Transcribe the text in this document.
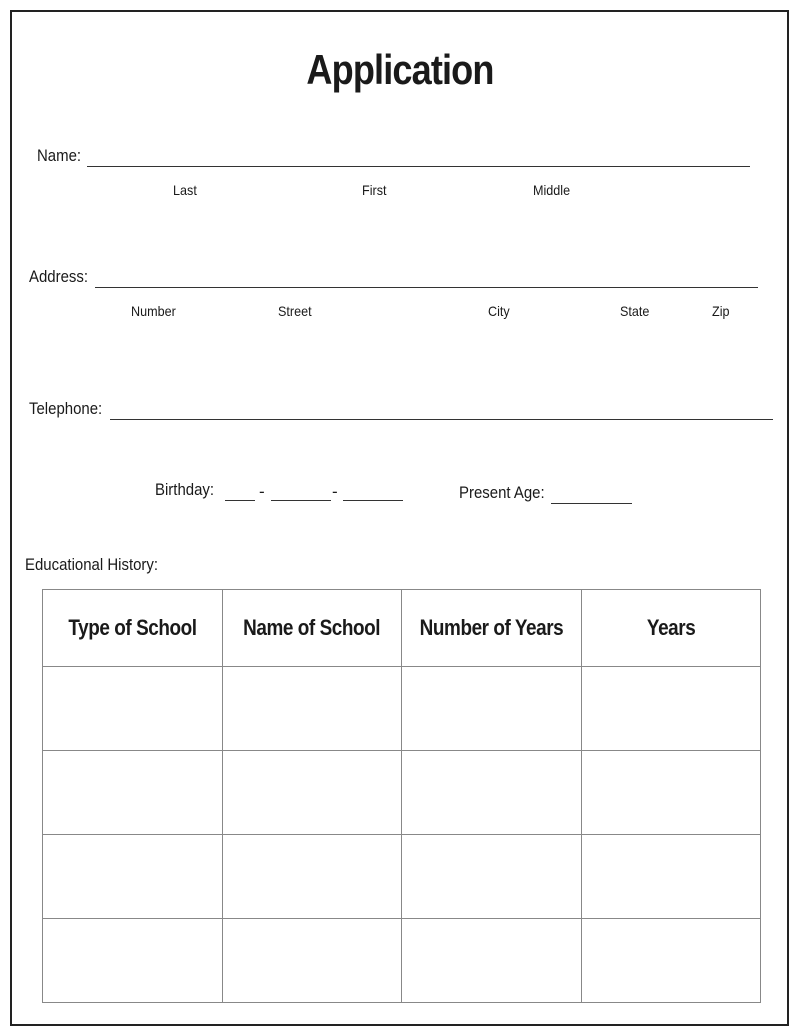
Application
Name:
Last	First	Middle
Address:
Number	Street	City	State	Zip
Telephone:
Birthday:	-	-	Present Age:
Educational History:
Type of School	Name of School	Number of Years	Years
